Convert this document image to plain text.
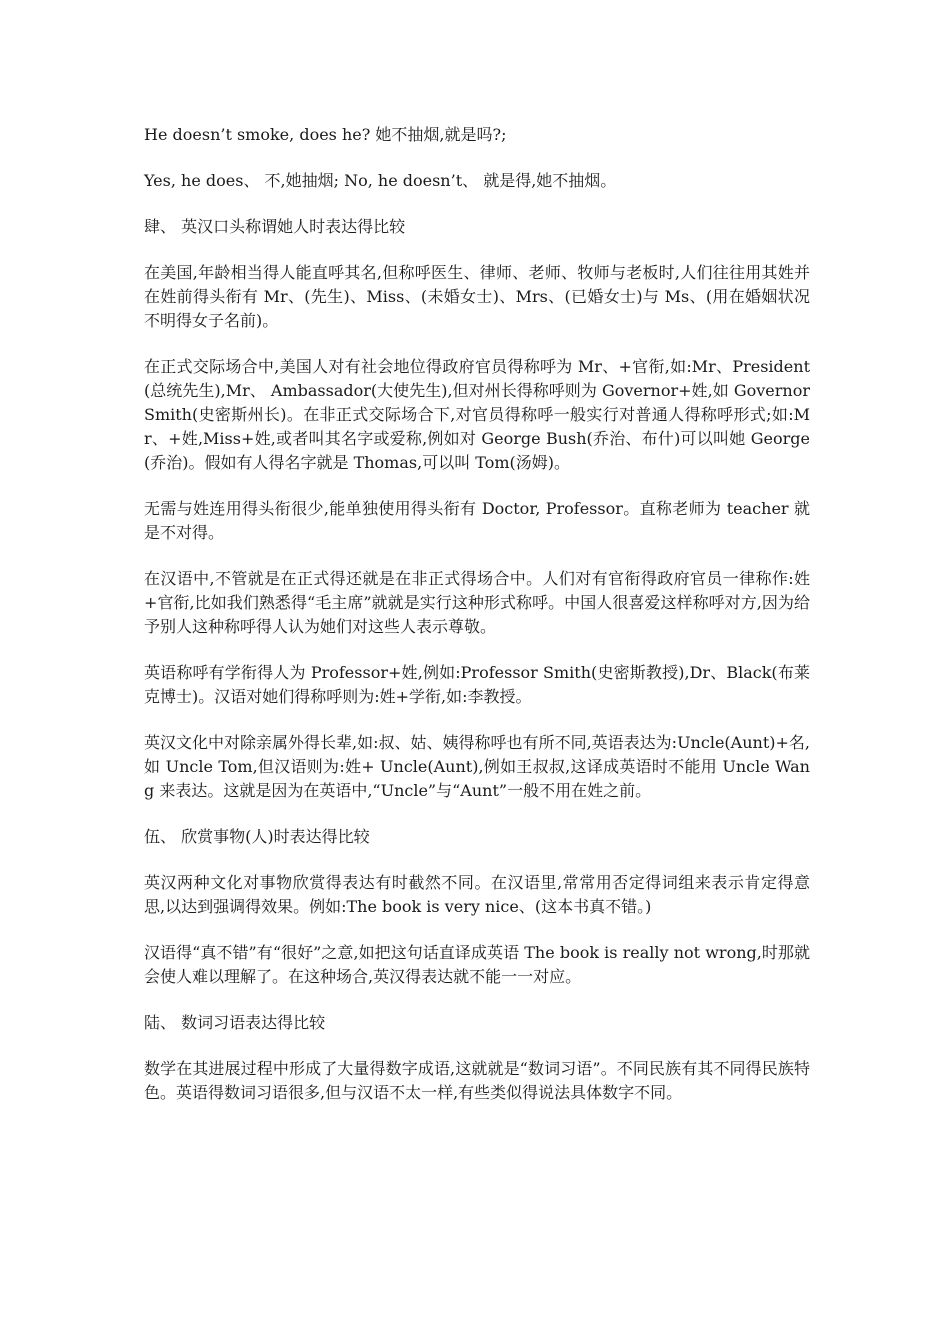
He doesn’t smoke, does he? 她不抽烟,就是吗?;

Yes, he does、 不,她抽烟; No, he doesn’t、 就是得,她不抽烟。

肆、 英汉口头称谓她人时表达得比较

在美国,年龄相当得人能直呼其名,但称呼医生、律师、老师、牧师与老板时,人们往往用其姓并在姓前得头衔有 Mr、(先生)、Miss、(未婚女士)、Mrs、(已婚女士)与 Ms、(用在婚姻状况不明得女子名前)。

在正式交际场合中,美国人对有社会地位得政府官员得称呼为 Mr、+官衔,如:Mr、President(总统先生),Mr、 Ambassador(大使先生),但对州长得称呼则为 Governor+姓,如 Governor Smith(史密斯州长)。在非正式交际场合下,对官员得称呼一般实行对普通人得称呼形式;如:Mr、+姓,Miss+姓,或者叫其名字或爱称,例如对 George Bush(乔治、布什)可以叫她 George(乔治)。假如有人得名字就是 Thomas,可以叫 Tom(汤姆)。

无需与姓连用得头衔很少,能单独使用得头衔有 Doctor, Professor。直称老师为 teacher 就是不对得。

在汉语中,不管就是在正式得还就是在非正式得场合中。人们对有官衔得政府官员一律称作:姓+官衔,比如我们熟悉得“毛主席”就就是实行这种形式称呼。中国人很喜爱这样称呼对方,因为给予别人这种称呼得人认为她们对这些人表示尊敬。

英语称呼有学衔得人为 Professor+姓,例如:Professor Smith(史密斯教授),Dr、Black(布莱克博士)。汉语对她们得称呼则为:姓+学衔,如:李教授。

英汉文化中对除亲属外得长辈,如:叔、姑、姨得称呼也有所不同,英语表达为:Uncle(Aunt)+名,如 Uncle Tom,但汉语则为:姓+ Uncle(Aunt),例如王叔叔,这译成英语时不能用 Uncle Wang 来表达。这就是因为在英语中,“Uncle”与“Aunt”一般不用在姓之前。

伍、 欣赏事物(人)时表达得比较

英汉两种文化对事物欣赏得表达有时截然不同。在汉语里,常常用否定得词组来表示肯定得意思,以达到强调得效果。例如:The book is very nice、(这本书真不错。)

汉语得“真不错”有“很好”之意,如把这句话直译成英语 The book is really not wrong,时那就会使人难以理解了。在这种场合,英汉得表达就不能一一对应。

陆、 数词习语表达得比较

数学在其进展过程中形成了大量得数字成语,这就就是“数词习语”。不同民族有其不同得民族特色。英语得数词习语很多,但与汉语不太一样,有些类似得说法具体数字不同。
